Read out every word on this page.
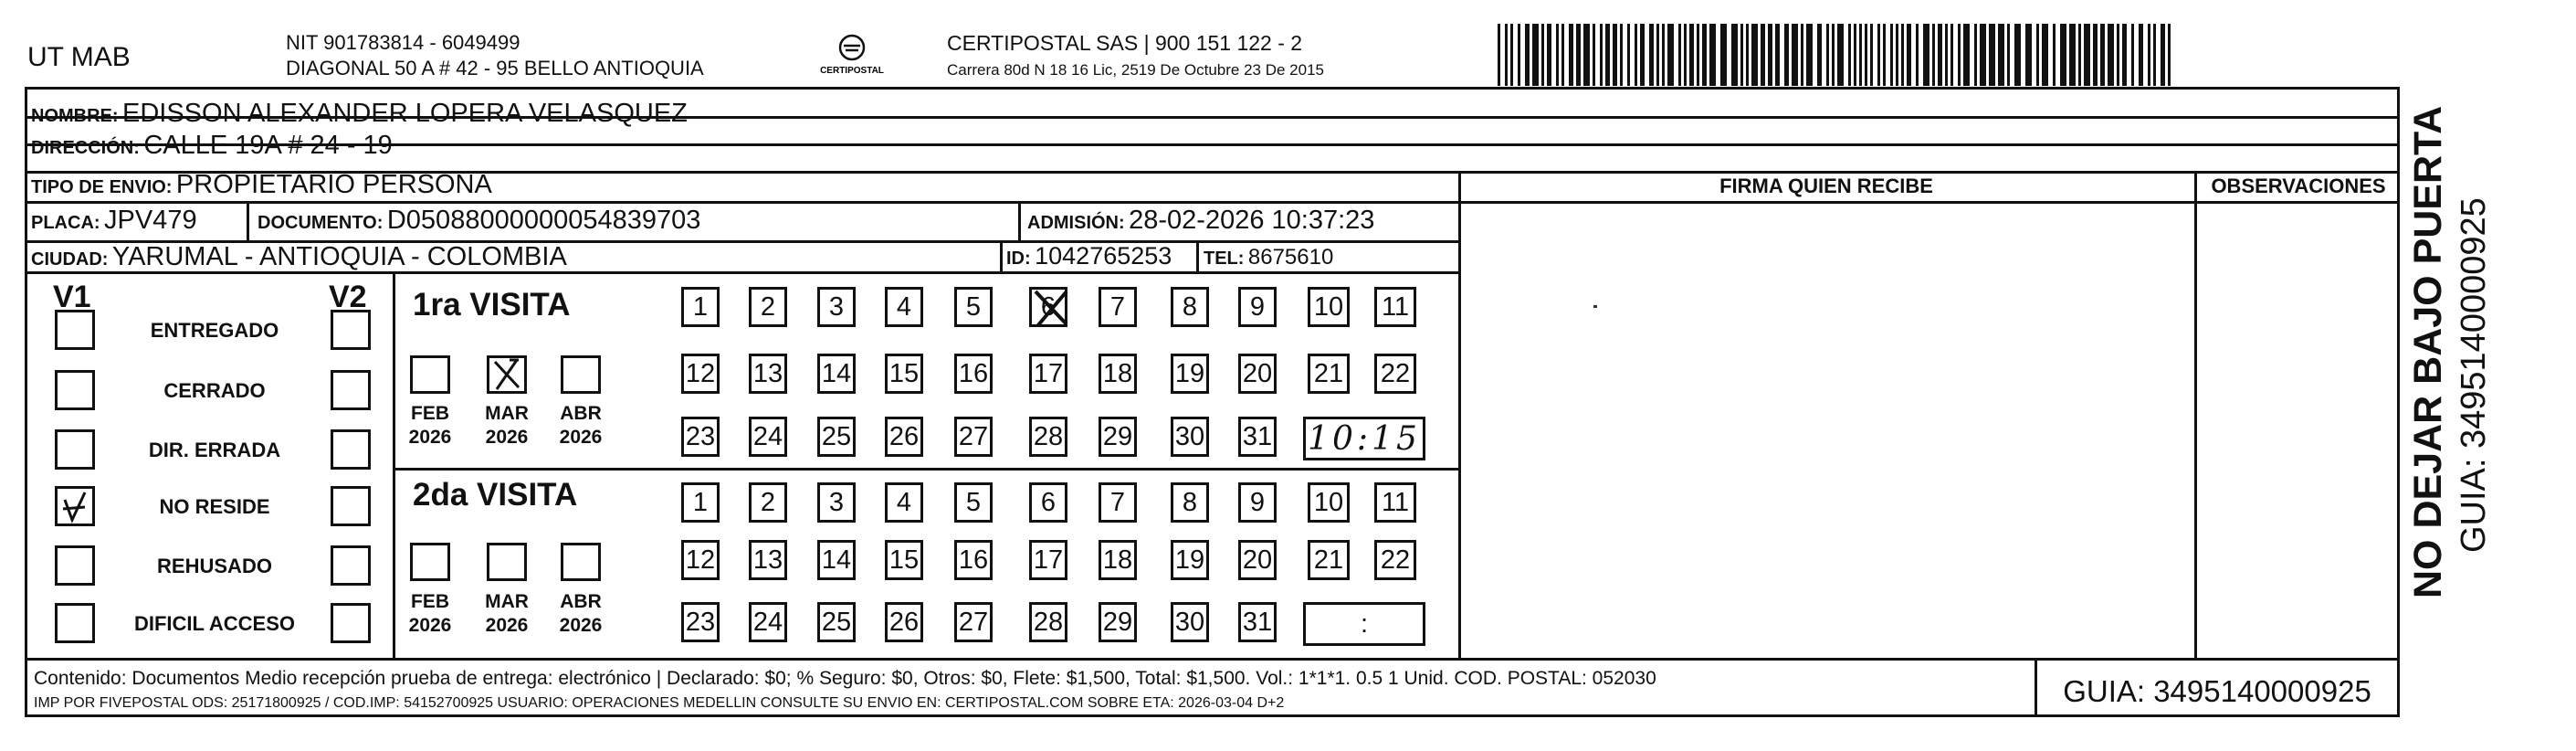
UT MAB	NIT 901783814 - 6049499
DIAGONAL 50 A # 42 - 95 BELLO ANTIOQUIA	CERTIPOSTAL
CERTIPOSTAL SAS | 900 151 122 - 2
Carrera 80d N 18 16 Lic, 2519 De Octubre 23 De 2015
NOMBRE: EDISSON ALEXANDER LOPERA VELASQUEZ
DIRECCIÓN: CALLE 19A # 24 - 19
TIPO DE ENVIO: PROPIETARIO PERSONA
PLACA: JPV479	DOCUMENTO: D05088000000054839703	ADMISIÓN: 28-02-2026 10:37:23
CIUDAD: YARUMAL - ANTIOQUIA - COLOMBIA	ID: 1042765253 TEL: 8675610
FIRMA QUIEN RECIBE	OBSERVACIONES
V1	V2
ENTREGADO
CERRADO
DIR. ERRADA
NO RESIDE
REHUSADO
DIFICIL ACCESO
1ra VISITA
2da VISITA
FEB
2026
MAR
2026
ABR
2026
FEB
2026
MAR
2026
ABR
2026
1 2 3 4 5 6 7 8 9 10 11
12 13 14 15 16 17 18 19 20 21 22
23 24 25 26 27 28 29 30 31 10:15
1 2 3 4 5 6 7 8 9 10 11
12 13 14 15 16 17 18 19 20 21 22
23 24 25 26 27 28 29 30 31	:
Contenido: Documentos Medio recepción prueba de entrega: electrónico | Declarado: $0; % Seguro: $0, Otros: $0, Flete: $1,500, Total: $1,500. Vol.: 1*1*1. 0.5 1 Unid. COD. POSTAL: 052030
IMP POR FIVEPOSTAL ODS: 25171800925 / COD.IMP: 54152700925 USUARIO: OPERACIONES MEDELLIN CONSULTE SU ENVIO EN: CERTIPOSTAL.COM SOBRE ETA: 2026-03-04 D+2	GUIA: 3495140000925
NO DEJAR BAJO PUERTA GUIA: 3495140000925
